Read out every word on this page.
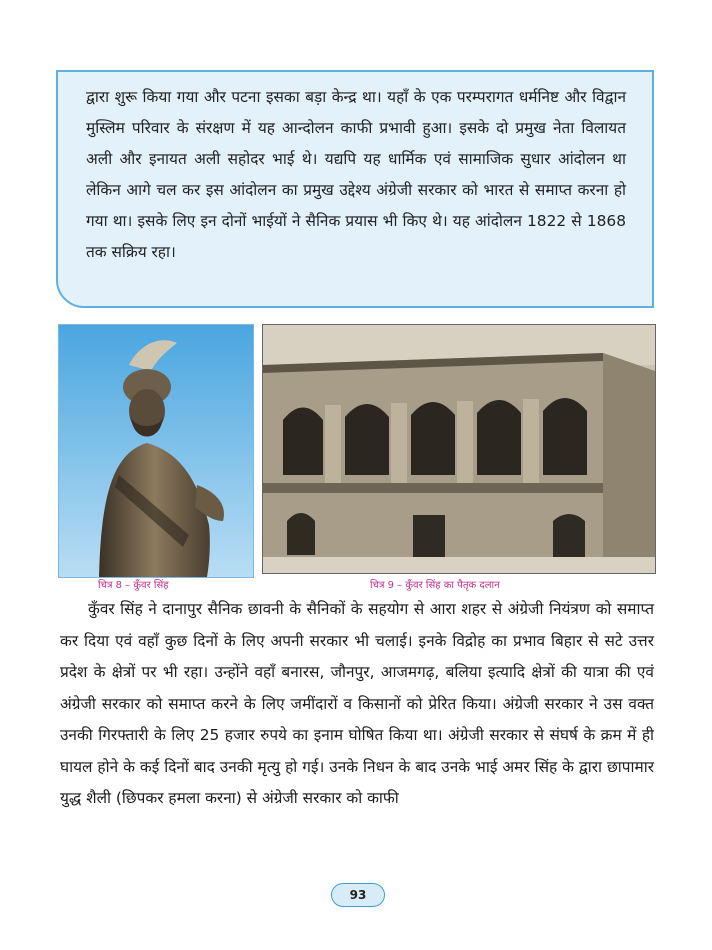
द्वारा शुरू किया गया और पटना इसका बड़ा केन्द्र था। यहाँ के एक परम्परागत धर्मनिष्ट और विद्वान मुस्लिम परिवार के संरक्षण में यह आन्दोलन काफी प्रभावी हुआ। इसके दो प्रमुख नेता विलायत अली और इनायत अली सहोदर भाई थे। यद्यपि यह धार्मिक एवं सामाजिक सुधार आंदोलन था लेकिन आगे चल कर इस आंदोलन का प्रमुख उद्देश्य अंग्रेजी सरकार को भारत से समाप्त करना हो गया था। इसके लिए इन दोनों भाईयों ने सैनिक प्रयास भी किए थे। यह आंदोलन 1822 से 1868 तक सक्रिय रहा।

चित्र 8 – कुँवर सिंह	चित्र 9 – कुँवर सिंह का पैतृक दलान

कुँवर सिंह ने दानापुर सैनिक छावनी के सैनिकों के सहयोग से आरा शहर से अंग्रेजी नियंत्रण को समाप्त कर दिया एवं वहाँ कुछ दिनों के लिए अपनी सरकार भी चलाई। इनके विद्रोह का प्रभाव बिहार से सटे उत्तर प्रदेश के क्षेत्रों पर भी रहा। उन्होंने वहाँ बनारस, जौनपुर, आजमगढ़, बलिया इत्यादि क्षेत्रों की यात्रा की एवं अंग्रेजी सरकार को समाप्त करने के लिए जमींदारों व किसानों को प्रेरित किया। अंग्रेजी सरकार ने उस वक्त उनकी गिरफ्तारी के लिए 25 हजार रुपये का इनाम घोषित किया था। अंग्रेजी सरकार से संघर्ष के क्रम में ही घायल होने के कई दिनों बाद उनकी मृत्यु हो गई। उनके निधन के बाद उनके भाई अमर सिंह के द्वारा छापामार युद्ध शैली (छिपकर हमला करना) से अंग्रेजी सरकार को काफी

93
